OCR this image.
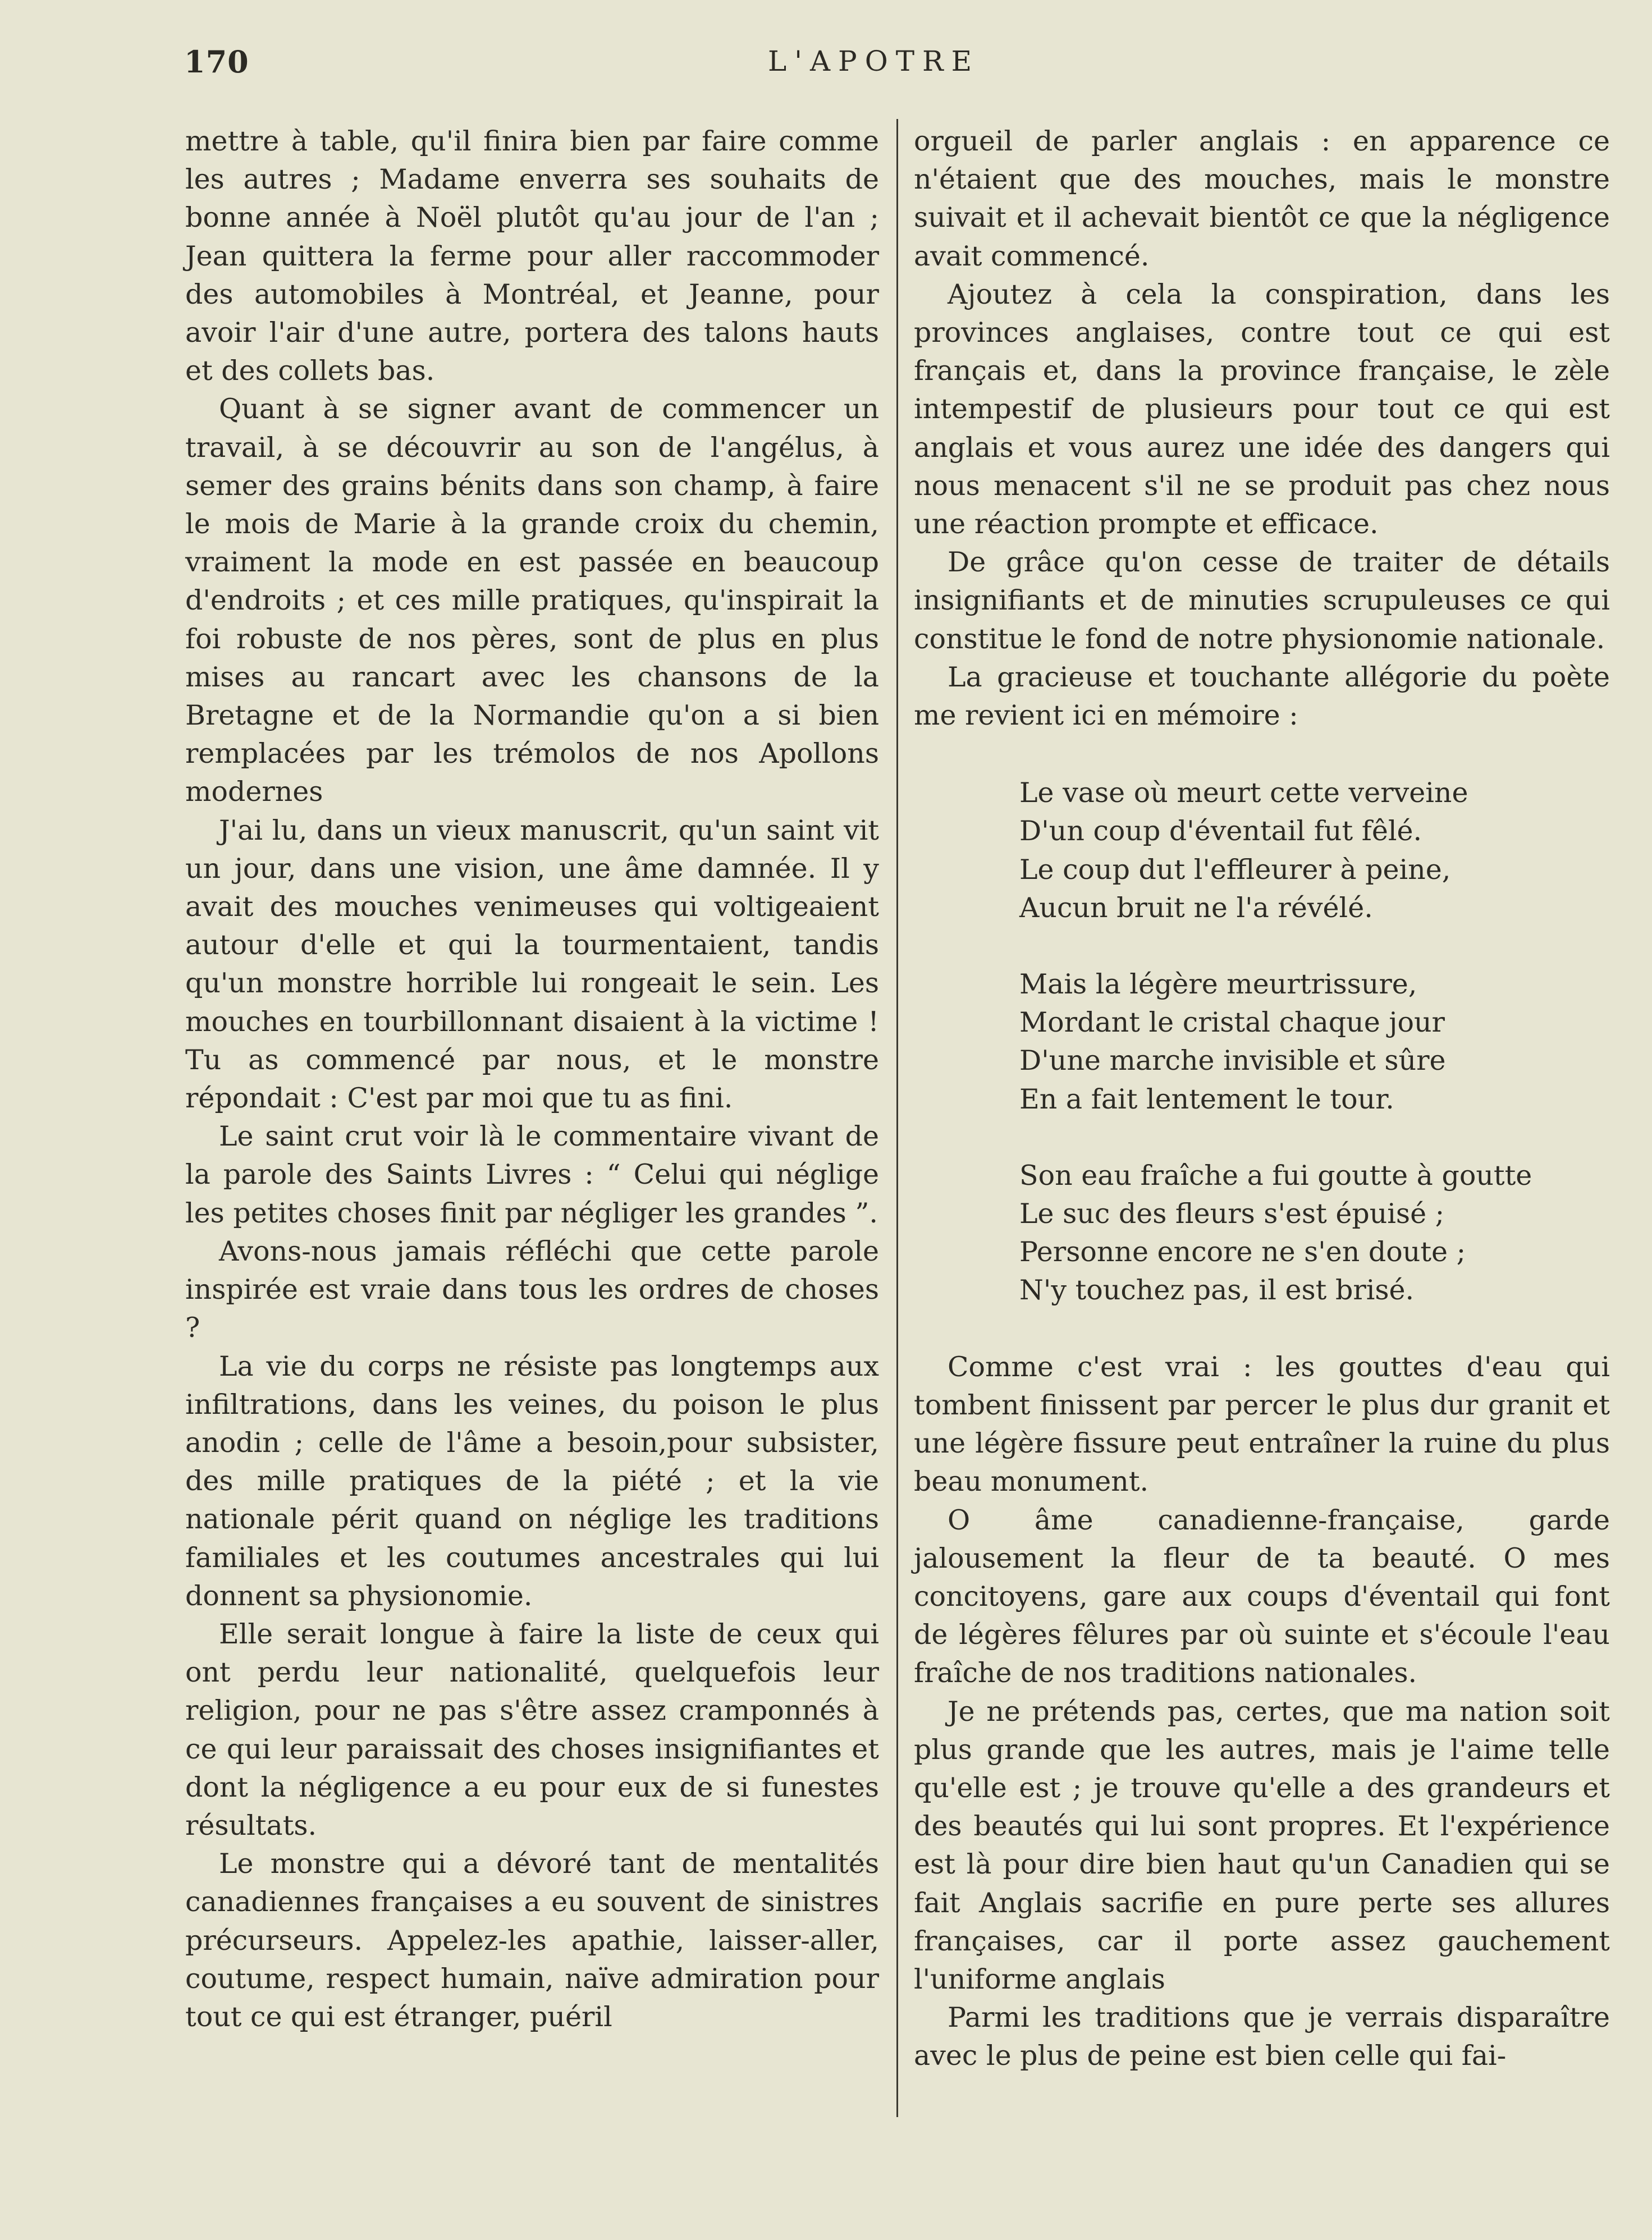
170	L'APOTRE

mettre à table, qu'il finira bien par faire comme les autres ; Madame enverra ses souhaits de bonne année à Noël plutôt qu'au jour de l'an ; Jean quittera la ferme pour aller raccommoder des automobiles à Montréal, et Jeanne, pour avoir l'air d'une autre, portera des talons hauts et des collets bas.

Quant à se signer avant de commencer un travail, à se découvrir au son de l'angélus, à semer des grains bénits dans son champ, à faire le mois de Marie à la grande croix du chemin, vraiment la mode en est passée en beaucoup d'endroits ; et ces mille pratiques, qu'inspirait la foi robuste de nos pères, sont de plus en plus mises au rancart avec les chansons de la Bretagne et de la Normandie qu'on a si bien remplacées par les trémolos de nos Apollons modernes

J'ai lu, dans un vieux manuscrit, qu'un saint vit un jour, dans une vision, une âme damnée. Il y avait des mouches venimeuses qui voltigeaient autour d'elle et qui la tourmentaient, tandis qu'un monstre horrible lui rongeait le sein. Les mouches en tourbillonnant disaient à la victime ! Tu as commencé par nous, et le monstre répondait : C'est par moi que tu as fini.

Le saint crut voir là le commentaire vivant de la parole des Saints Livres : “ Celui qui néglige les petites choses finit par négliger les grandes ”.

Avons-nous jamais réfléchi que cette parole inspirée est vraie dans tous les ordres de choses ?

La vie du corps ne résiste pas longtemps aux infiltrations, dans les veines, du poison le plus anodin ; celle de l'âme a besoin,pour subsister, des mille pratiques de la piété ; et la vie nationale périt quand on néglige les traditions familiales et les coutumes ancestrales qui lui donnent sa physionomie.

Elle serait longue à faire la liste de ceux qui ont perdu leur nationalité, quelquefois leur religion, pour ne pas s'être assez cramponnés à ce qui leur paraissait des choses insignifiantes et dont la négligence a eu pour eux de si funestes résultats.

Le monstre qui a dévoré tant de mentalités canadiennes françaises a eu souvent de sinistres précurseurs. Appelez-les apathie, laisser-aller, coutume, respect humain, naïve admiration pour tout ce qui est étranger, puéril

orgueil de parler anglais : en apparence ce n'étaient que des mouches, mais le monstre suivait et il achevait bientôt ce que la négligence avait commencé.

Ajoutez à cela la conspiration, dans les provinces anglaises, contre tout ce qui est français et, dans la province française, le zèle intempestif de plusieurs pour tout ce qui est anglais et vous aurez une idée des dangers qui nous menacent s'il ne se produit pas chez nous une réaction prompte et efficace.

De grâce qu'on cesse de traiter de détails insignifiants et de minuties scrupuleuses ce qui constitue le fond de notre physionomie nationale.

La gracieuse et touchante allégorie du poète me revient ici en mémoire :

Le vase où meurt cette verveine
D'un coup d'éventail fut fêlé.
Le coup dut l'effleurer à peine,
Aucun bruit ne l'a révélé.
Mais la légère meurtrissure,
Mordant le cristal chaque jour
D'une marche invisible et sûre
En a fait lentement le tour.
Son eau fraîche a fui goutte à goutte
Le suc des fleurs s'est épuisé ;
Personne encore ne s'en doute ;
N'y touchez pas, il est brisé.

Comme c'est vrai : les gouttes d'eau qui tombent finissent par percer le plus dur granit et une légère fissure peut entraîner la ruine du plus beau monument.

O âme canadienne-française, garde jalousement la fleur de ta beauté. O mes concitoyens, gare aux coups d'éventail qui font de légères fêlures par où suinte et s'écoule l'eau fraîche de nos traditions nationales.

Je ne prétends pas, certes, que ma nation soit plus grande que les autres, mais je l'aime telle qu'elle est ; je trouve qu'elle a des grandeurs et des beautés qui lui sont propres. Et l'expérience est là pour dire bien haut qu'un Canadien qui se fait Anglais sacrifie en pure perte ses allures françaises, car il porte assez gauchement l'uniforme anglais

Parmi les traditions que je verrais disparaître avec le plus de peine est bien celle qui fai-
